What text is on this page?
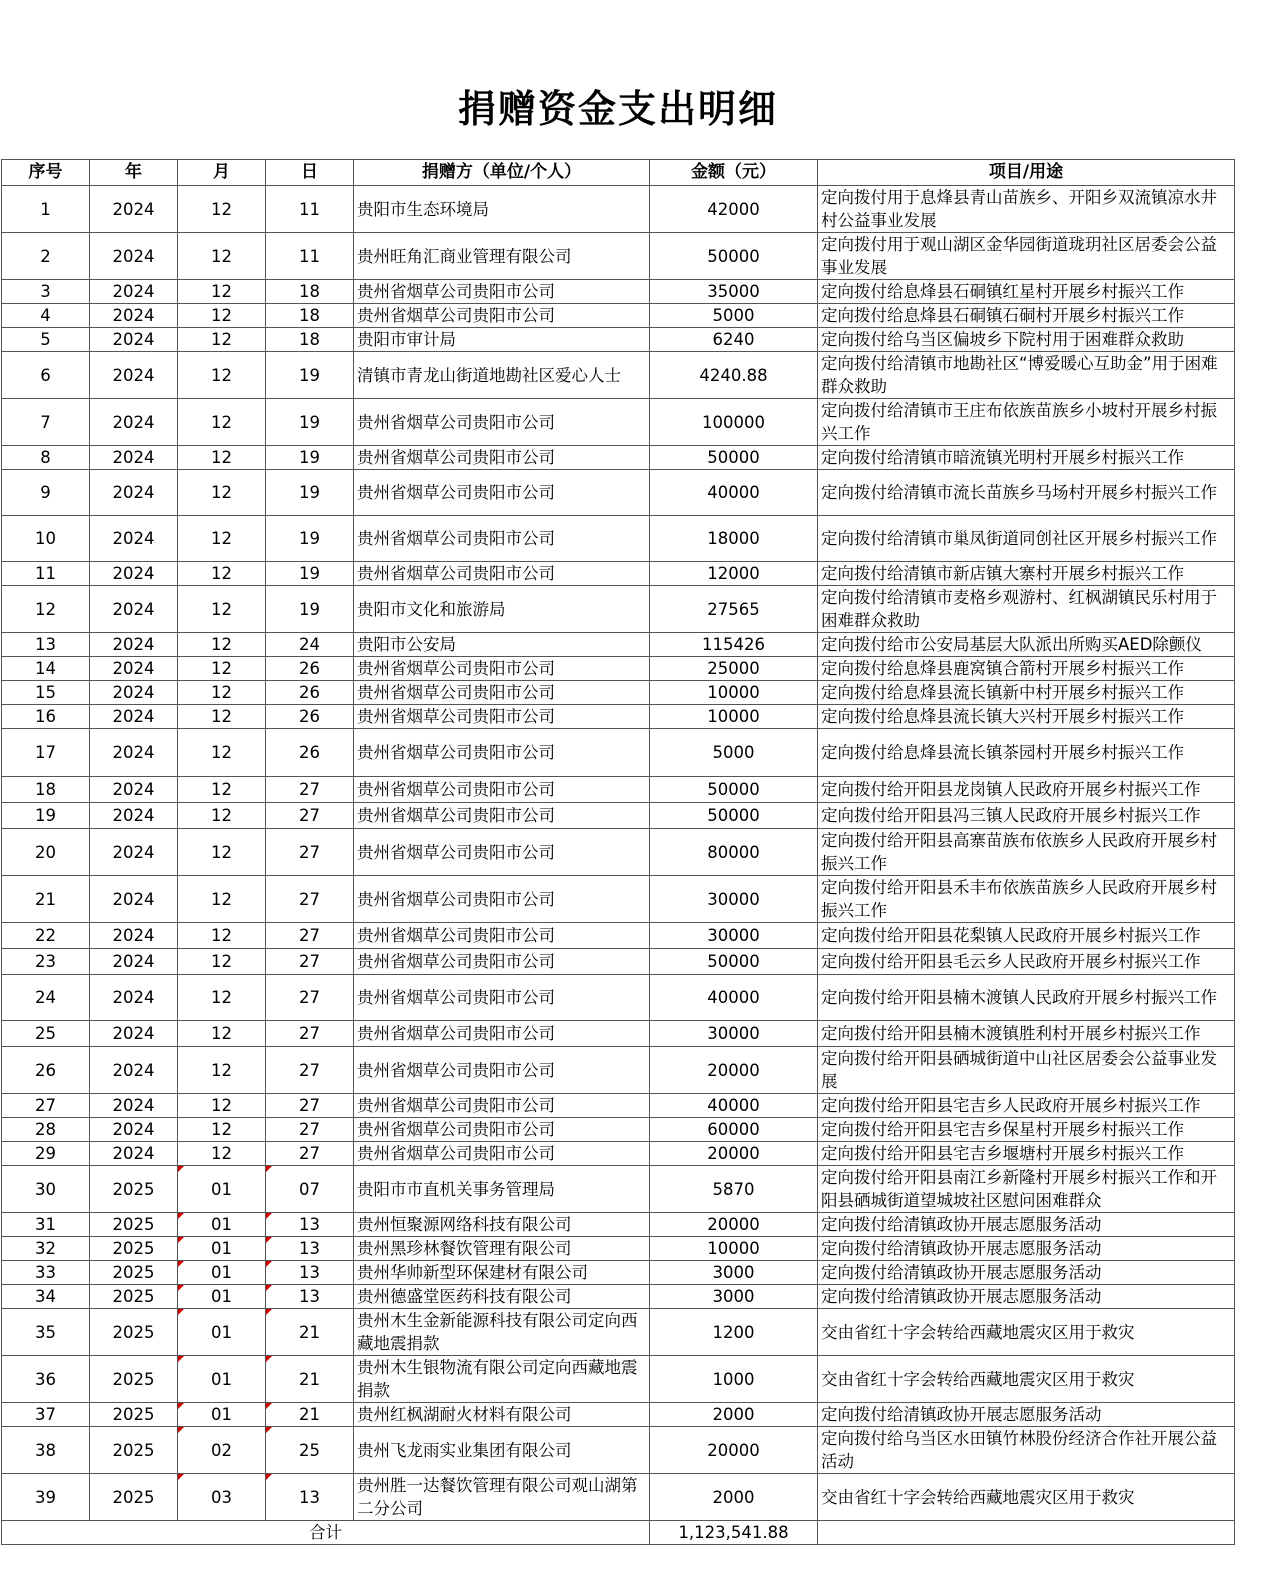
捐赠资金支出明细
序号	年	月	日	捐赠方（单位/个人）	金额（元）	项目/用途
1	2024	12	11	贵阳市生态环境局	42000	定向拨付用于息烽县青山苗族乡、开阳乡双流镇凉水井村公益事业发展
2	2024	12	11	贵州旺角汇商业管理有限公司	50000	定向拨付用于观山湖区金华园街道珑玥社区居委会公益事业发展
3	2024	12	18	贵州省烟草公司贵阳市公司	35000	定向拨付给息烽县石硐镇红星村开展乡村振兴工作
4	2024	12	18	贵州省烟草公司贵阳市公司	5000	定向拨付给息烽县石硐镇石硐村开展乡村振兴工作
5	2024	12	18	贵阳市审计局	6240	定向拨付给乌当区偏坡乡下院村用于困难群众救助
6	2024	12	19	清镇市青龙山街道地勘社区爱心人士	4240.88	定向拨付给清镇市地勘社区“博爱暖心互助金”用于困难群众救助
7	2024	12	19	贵州省烟草公司贵阳市公司	100000	定向拨付给清镇市王庄布依族苗族乡小坡村开展乡村振兴工作
8	2024	12	19	贵州省烟草公司贵阳市公司	50000	定向拨付给清镇市暗流镇光明村开展乡村振兴工作
9	2024	12	19	贵州省烟草公司贵阳市公司	40000	定向拨付给清镇市流长苗族乡马场村开展乡村振兴工作
10	2024	12	19	贵州省烟草公司贵阳市公司	18000	定向拨付给清镇市巢凤街道同创社区开展乡村振兴工作
11	2024	12	19	贵州省烟草公司贵阳市公司	12000	定向拨付给清镇市新店镇大寨村开展乡村振兴工作
12	2024	12	19	贵阳市文化和旅游局	27565	定向拨付给清镇市麦格乡观游村、红枫湖镇民乐村用于困难群众救助
13	2024	12	24	贵阳市公安局	115426	定向拨付给市公安局基层大队派出所购买AED除颤仪
14	2024	12	26	贵州省烟草公司贵阳市公司	25000	定向拨付给息烽县鹿窝镇合箭村开展乡村振兴工作
15	2024	12	26	贵州省烟草公司贵阳市公司	10000	定向拨付给息烽县流长镇新中村开展乡村振兴工作
16	2024	12	26	贵州省烟草公司贵阳市公司	10000	定向拨付给息烽县流长镇大兴村开展乡村振兴工作
17	2024	12	26	贵州省烟草公司贵阳市公司	5000	定向拨付给息烽县流长镇茶园村开展乡村振兴工作
18	2024	12	27	贵州省烟草公司贵阳市公司	50000	定向拨付给开阳县龙岗镇人民政府开展乡村振兴工作
19	2024	12	27	贵州省烟草公司贵阳市公司	50000	定向拨付给开阳县冯三镇人民政府开展乡村振兴工作
20	2024	12	27	贵州省烟草公司贵阳市公司	80000	定向拨付给开阳县高寨苗族布依族乡人民政府开展乡村振兴工作
21	2024	12	27	贵州省烟草公司贵阳市公司	30000	定向拨付给开阳县禾丰布依族苗族乡人民政府开展乡村振兴工作
22	2024	12	27	贵州省烟草公司贵阳市公司	30000	定向拨付给开阳县花梨镇人民政府开展乡村振兴工作
23	2024	12	27	贵州省烟草公司贵阳市公司	50000	定向拨付给开阳县毛云乡人民政府开展乡村振兴工作
24	2024	12	27	贵州省烟草公司贵阳市公司	40000	定向拨付给开阳县楠木渡镇人民政府开展乡村振兴工作
25	2024	12	27	贵州省烟草公司贵阳市公司	30000	定向拨付给开阳县楠木渡镇胜利村开展乡村振兴工作
26	2024	12	27	贵州省烟草公司贵阳市公司	20000	定向拨付给开阳县硒城街道中山社区居委会公益事业发展
27	2024	12	27	贵州省烟草公司贵阳市公司	40000	定向拨付给开阳县宅吉乡人民政府开展乡村振兴工作
28	2024	12	27	贵州省烟草公司贵阳市公司	60000	定向拨付给开阳县宅吉乡保星村开展乡村振兴工作
29	2024	12	27	贵州省烟草公司贵阳市公司	20000	定向拨付给开阳县宅吉乡堰塘村开展乡村振兴工作
30	2025	01	07	贵阳市市直机关事务管理局	5870	定向拨付给开阳县南江乡新隆村开展乡村振兴工作和开阳县硒城街道望城坡社区慰问困难群众
31	2025	01	13	贵州恒聚源网络科技有限公司	20000	定向拨付给清镇政协开展志愿服务活动
32	2025	01	13	贵州黑珍林餐饮管理有限公司	10000	定向拨付给清镇政协开展志愿服务活动
33	2025	01	13	贵州华帅新型环保建材有限公司	3000	定向拨付给清镇政协开展志愿服务活动
34	2025	01	13	贵州德盛堂医药科技有限公司	3000	定向拨付给清镇政协开展志愿服务活动
35	2025	01	21	贵州木生金新能源科技有限公司定向西藏地震捐款	1200	交由省红十字会转给西藏地震灾区用于救灾
36	2025	01	21	贵州木生银物流有限公司定向西藏地震捐款	1000	交由省红十字会转给西藏地震灾区用于救灾
37	2025	01	21	贵州红枫湖耐火材料有限公司	2000	定向拨付给清镇政协开展志愿服务活动
38	2025	02	25	贵州飞龙雨实业集团有限公司	20000	定向拨付给乌当区水田镇竹林股份经济合作社开展公益活动
39	2025	03	13	贵州胜一达餐饮管理有限公司观山湖第二分公司	2000	交由省红十字会转给西藏地震灾区用于救灾
合计					1,123,541.88	
